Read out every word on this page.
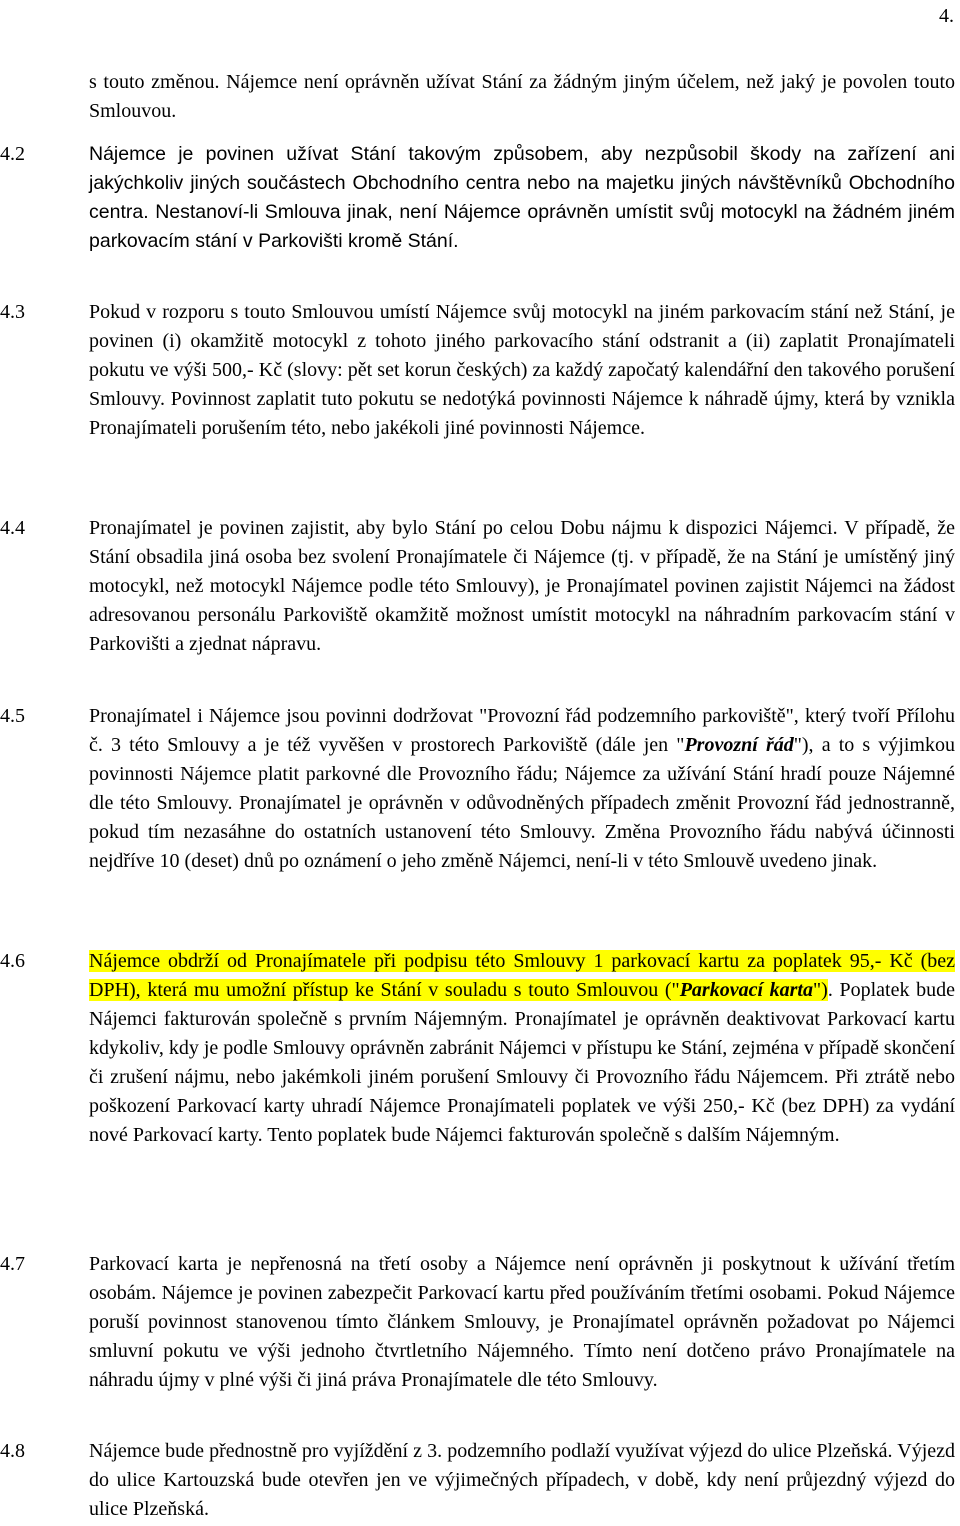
4.
s touto změnou. Nájemce není oprávněn užívat Stání za žádným jiným účelem, než jaký je povolen touto Smlouvou.
4.2	Nájemce je povinen užívat Stání takovým způsobem, aby nezpůsobil škody na zařízení ani jakýchkoliv jiných součástech Obchodního centra nebo na majetku jiných návštěvníků Obchodního centra. Nestanoví-li Smlouva jinak, není Nájemce oprávněn umístit svůj motocykl na žádném jiném parkovacím stání v Parkovišti kromě Stání.
4.3	Pokud v rozporu s touto Smlouvou umístí Nájemce svůj motocykl na jiném parkovacím stání než Stání, je povinen (i) okamžitě motocykl z tohoto jiného parkovacího stání odstranit a (ii) zaplatit Pronajímateli pokutu ve výši 500,- Kč (slovy: pět set korun českých) za každý započatý kalendářní den takového porušení Smlouvy. Povinnost zaplatit tuto pokutu se nedotýká povinnosti Nájemce k náhradě újmy, která by vznikla Pronajímateli porušením této, nebo jakékoli jiné povinnosti Nájemce.
4.4	Pronajímatel je povinen zajistit, aby bylo Stání po celou Dobu nájmu k dispozici Nájemci. V případě, že Stání obsadila jiná osoba bez svolení Pronajímatele či Nájemce (tj. v případě, že na Stání je umístěný jiný motocykl, než motocykl Nájemce podle této Smlouvy), je Pronajímatel povinen zajistit Nájemci na žádost adresovanou personálu Parkoviště okamžitě možnost umístit motocykl na náhradním parkovacím stání v Parkovišti a zjednat nápravu.
4.5	Pronajímatel i Nájemce jsou povinni dodržovat "Provozní řád podzemního parkoviště", který tvoří Přílohu č. 3 této Smlouvy a je též vyvěšen v prostorech Parkoviště (dále jen "Provozní řád"), a to s výjimkou povinnosti Nájemce platit parkovné dle Provozního řádu; Nájemce za užívání Stání hradí pouze Nájemné dle této Smlouvy. Pronajímatel je oprávněn v odůvodněných případech změnit Provozní řád jednostranně, pokud tím nezasáhne do ostatních ustanovení této Smlouvy. Změna Provozního řádu nabývá účinnosti nejdříve 10 (deset) dnů po oznámení o jeho změně Nájemci, není-li v této Smlouvě uvedeno jinak.
4.6	Nájemce obdrží od Pronajímatele při podpisu této Smlouvy 1 parkovací kartu za poplatek 95,- Kč (bez DPH), která mu umožní přístup ke Stání v souladu s touto Smlouvou ("Parkovací karta"). Poplatek bude Nájemci fakturován společně s prvním Nájemným. Pronajímatel je oprávněn deaktivovat Parkovací kartu kdykoliv, kdy je podle Smlouvy oprávněn zabránit Nájemci v přístupu ke Stání, zejména v případě skončení či zrušení nájmu, nebo jakémkoli jiném porušení Smlouvy či Provozního řádu Nájemcem. Při ztrátě nebo poškození Parkovací karty uhradí Nájemce Pronajímateli poplatek ve výši 250,- Kč (bez DPH) za vydání nové Parkovací karty. Tento poplatek bude Nájemci fakturován společně s dalším Nájemným.
4.7	Parkovací karta je nepřenosná na třetí osoby a Nájemce není oprávněn ji poskytnout k užívání třetím osobám. Nájemce je povinen zabezpečit Parkovací kartu před používáním třetími osobami. Pokud Nájemce poruší povinnost stanovenou tímto článkem Smlouvy, je Pronajímatel oprávněn požadovat po Nájemci smluvní pokutu ve výši jednoho čtvrtletního Nájemného. Tímto není dotčeno právo Pronajímatele na náhradu újmy v plné výši či jiná práva Pronajímatele dle této Smlouvy.
4.8	Nájemce bude přednostně pro vyjíždění z 3. podzemního podlaží využívat výjezd do ulice Plzeňská. Výjezd do ulice Kartouzská bude otevřen jen ve výjimečných případech, v době, kdy není průjezdný výjezd do ulice Plzeňská.
